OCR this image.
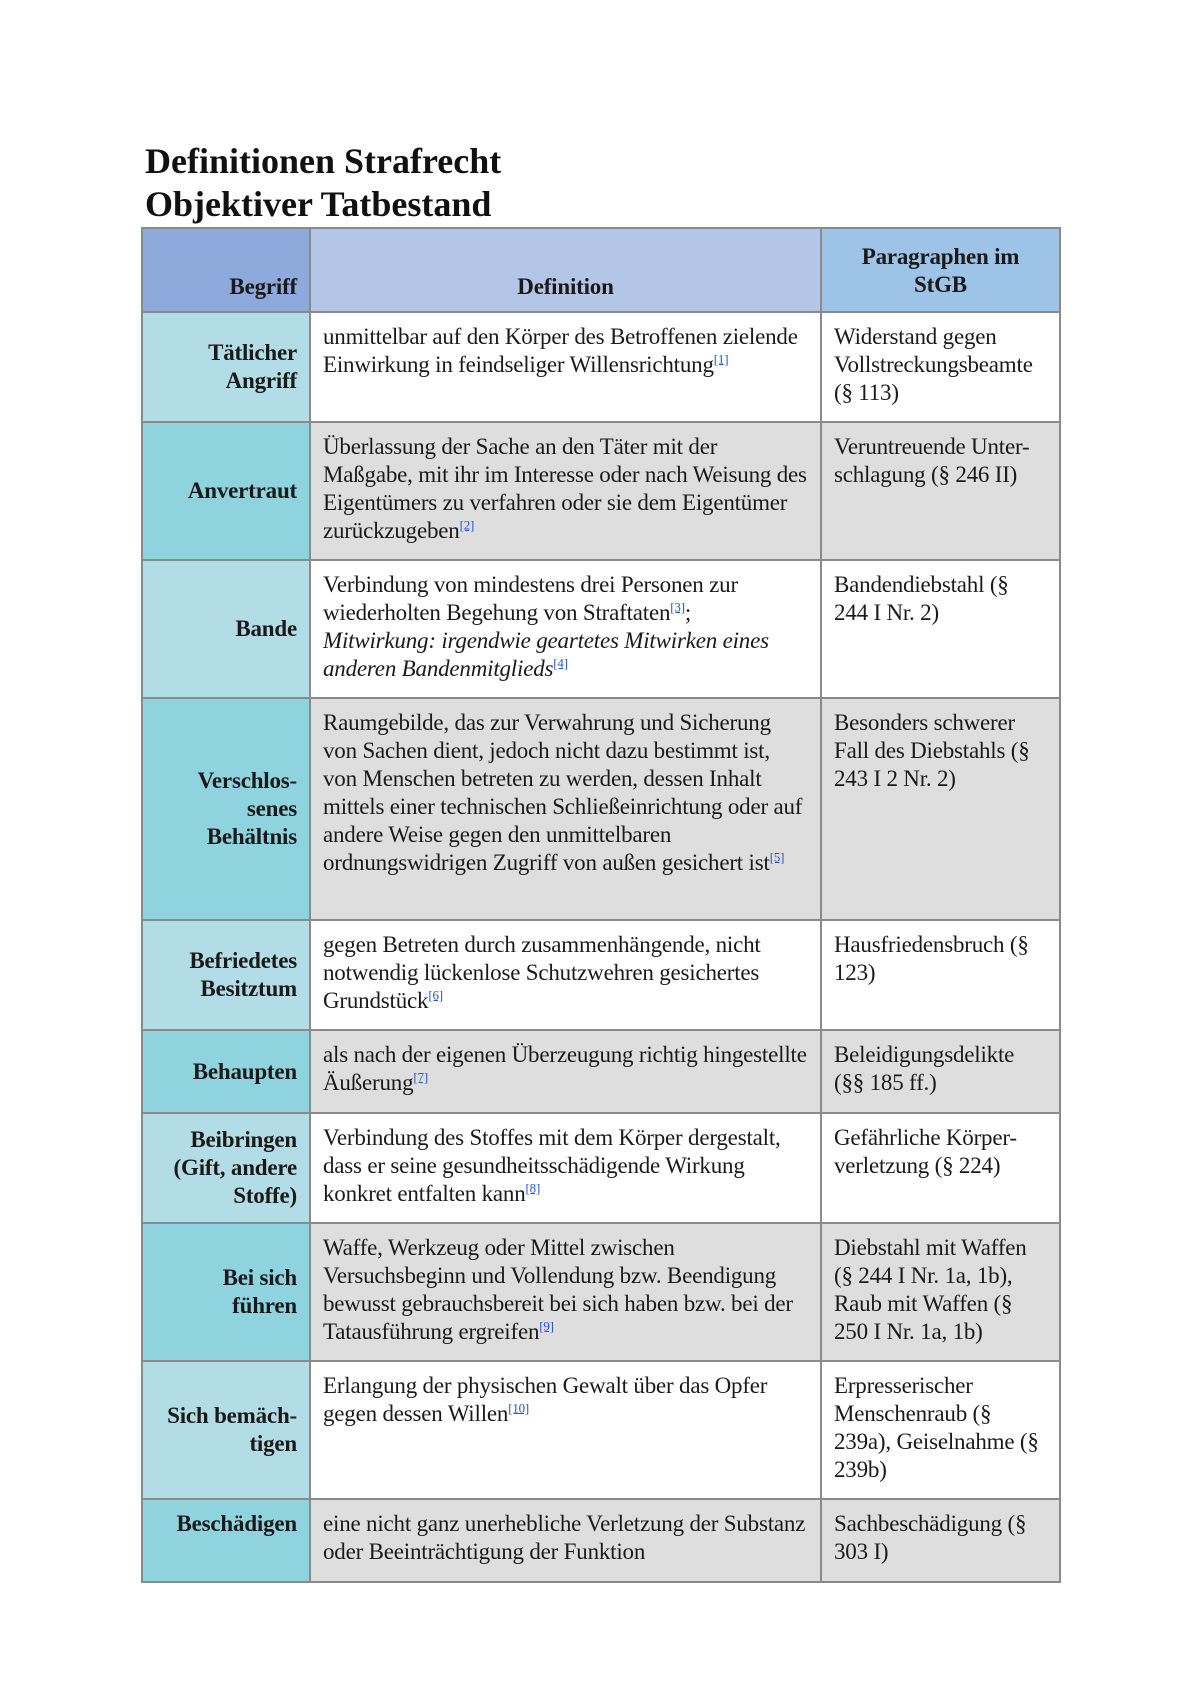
Definitionen Strafrecht
Objektiver Tatbestand
Begriff	Definition	Paragraphen im StGB
Tätlicher Angriff	unmittelbar auf den Körper des Betroffenen zielende Einwirkung in feindseliger Willensrichtung[1]	Widerstand gegen Vollstreckungsbeamte (§ 113)
Anvertraut	Überlassung der Sache an den Täter mit der Maßgabe, mit ihr im Interesse oder nach Weisung des Eigentümers zu verfahren oder sie dem Eigentümer zurückzugeben[2]	Veruntreuende Unter-schlagung (§ 246 II)
Bande	Verbindung von mindestens drei Personen zur wiederholten Begehung von Straftaten[3]; Mitwirkung: irgendwie geartetes Mitwirken eines anderen Bandenmitglieds[4]	Bandendiebstahl (§ 244 I Nr. 2)
Verschlos-senes Behältnis	Raumgebilde, das zur Verwahrung und Sicherung von Sachen dient, jedoch nicht dazu bestimmt ist, von Menschen betreten zu werden, dessen Inhalt mittels einer technischen Schließeinrichtung oder auf andere Weise gegen den unmittelbaren ordnungswidrigen Zugriff von außen gesichert ist[5]	Besonders schwerer Fall des Diebstahls (§ 243 I 2 Nr. 2)
Befriedetes Besitztum	gegen Betreten durch zusammenhängende, nicht notwendig lückenlose Schutzwehren gesichertes Grundstück[6]	Hausfriedensbruch (§ 123)
Behaupten	als nach der eigenen Überzeugung richtig hingestellte Äußerung[7]	Beleidigungsdelikte (§§ 185 ff.)
Beibringen (Gift, andere Stoffe)	Verbindung des Stoffes mit dem Körper dergestalt, dass er seine gesundheitsschädigende Wirkung konkret entfalten kann[8]	Gefährliche Körper-verletzung (§ 224)
Bei sich führen	Waffe, Werkzeug oder Mittel zwischen Versuchsbeginn und Vollendung bzw. Beendigung bewusst gebrauchsbereit bei sich haben bzw. bei der Tatausführung ergreifen[9]	Diebstahl mit Waffen (§ 244 I Nr. 1a, 1b), Raub mit Waffen (§ 250 I Nr. 1a, 1b)
Sich bemäch-tigen	Erlangung der physischen Gewalt über das Opfer gegen dessen Willen[10]	Erpresserischer Menschenraub (§ 239a), Geiselnahme (§ 239b)
Beschädigen	eine nicht ganz unerhebliche Verletzung der Substanz oder Beeinträchtigung der Funktion	Sachbeschädigung (§ 303 I)
